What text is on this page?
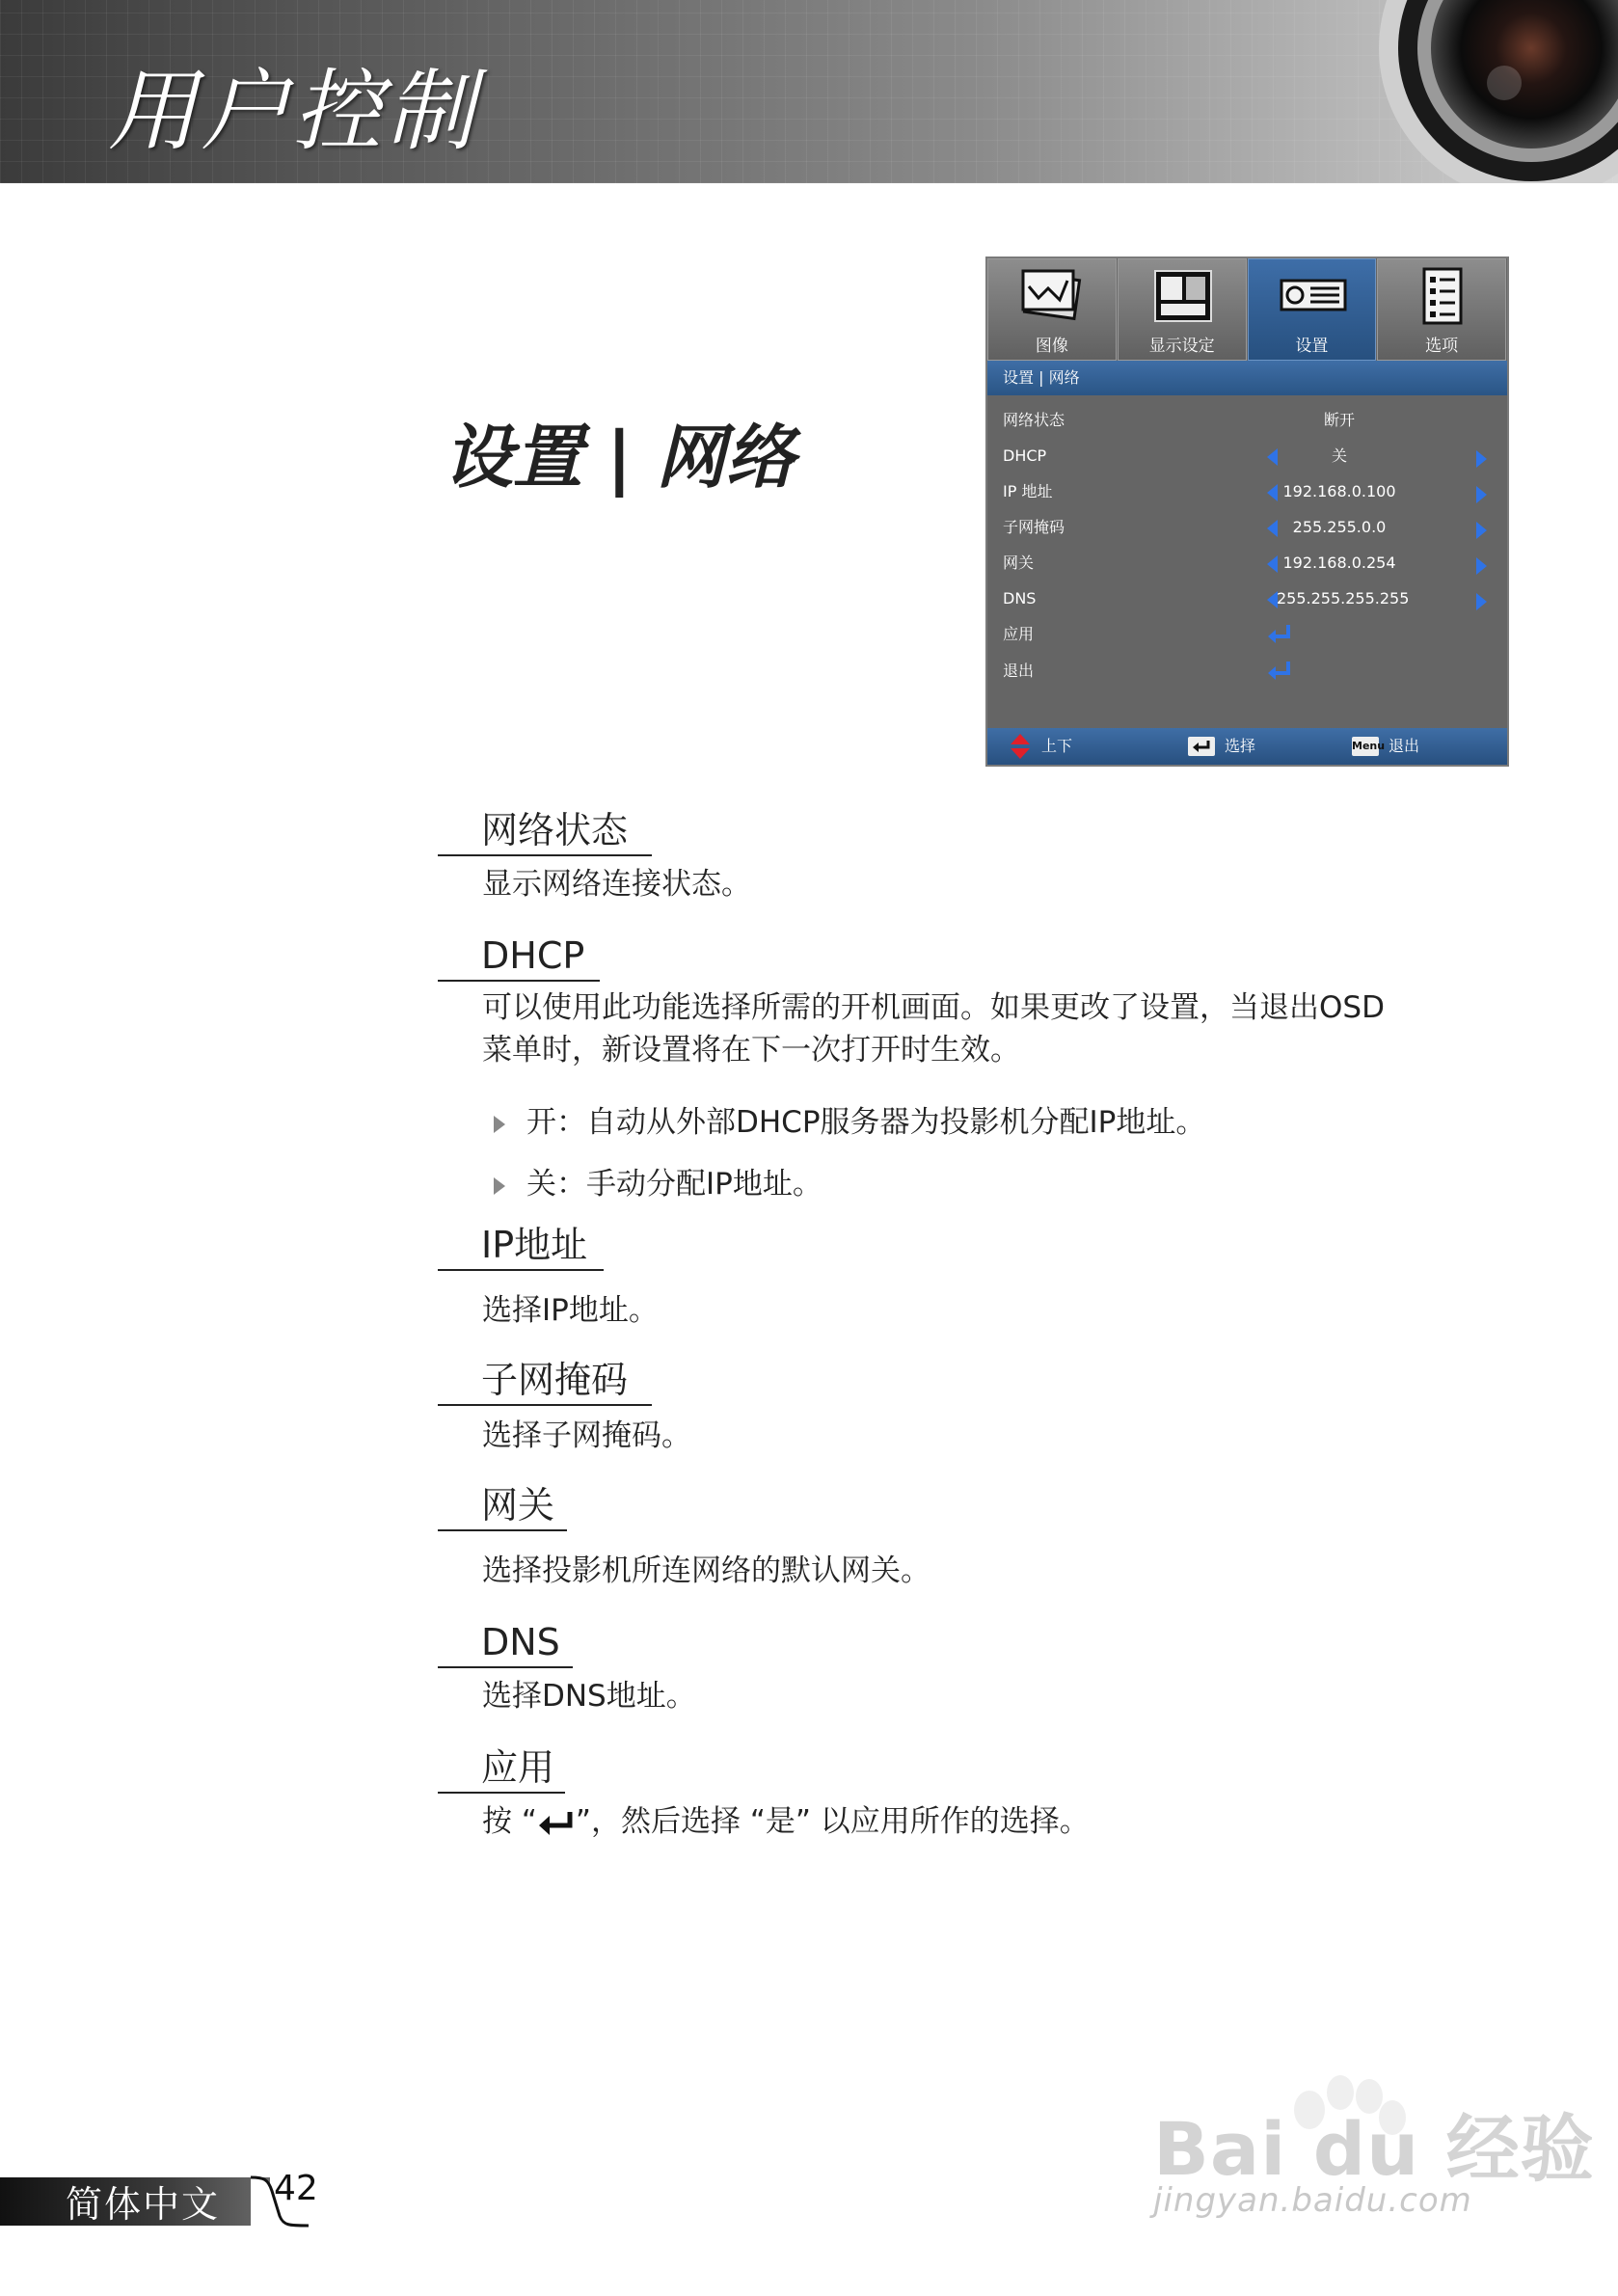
用户控制
设置 | 网络
图像	显示设定	设置	选项
设置 | 网络
网络状态	断开
DHCP	关
IP 地址	192.168.0.100
子网掩码	255.255.0.0
网关	192.168.0.254
DNS	255.255.255.255
应用
退出
上下	选择	Menu 退出
网络状态
显示网络连接状态。
DHCP
可以使用此功能选择所需的开机画面。如果更改了设置，当退出OSD
菜单时，新设置将在下一次打开时生效。
开：自动从外部DHCP服务器为投影机分配IP地址。
关：手动分配IP地址。
IP地址
选择IP地址。
子网掩码
选择子网掩码。
网关
选择投影机所连网络的默认网关。
DNS
选择DNS地址。
应用
按 “ ”，然后选择 “是” 以应用所作的选择。
Bai du 经验
jingyan.baidu.com
简体中文 42
